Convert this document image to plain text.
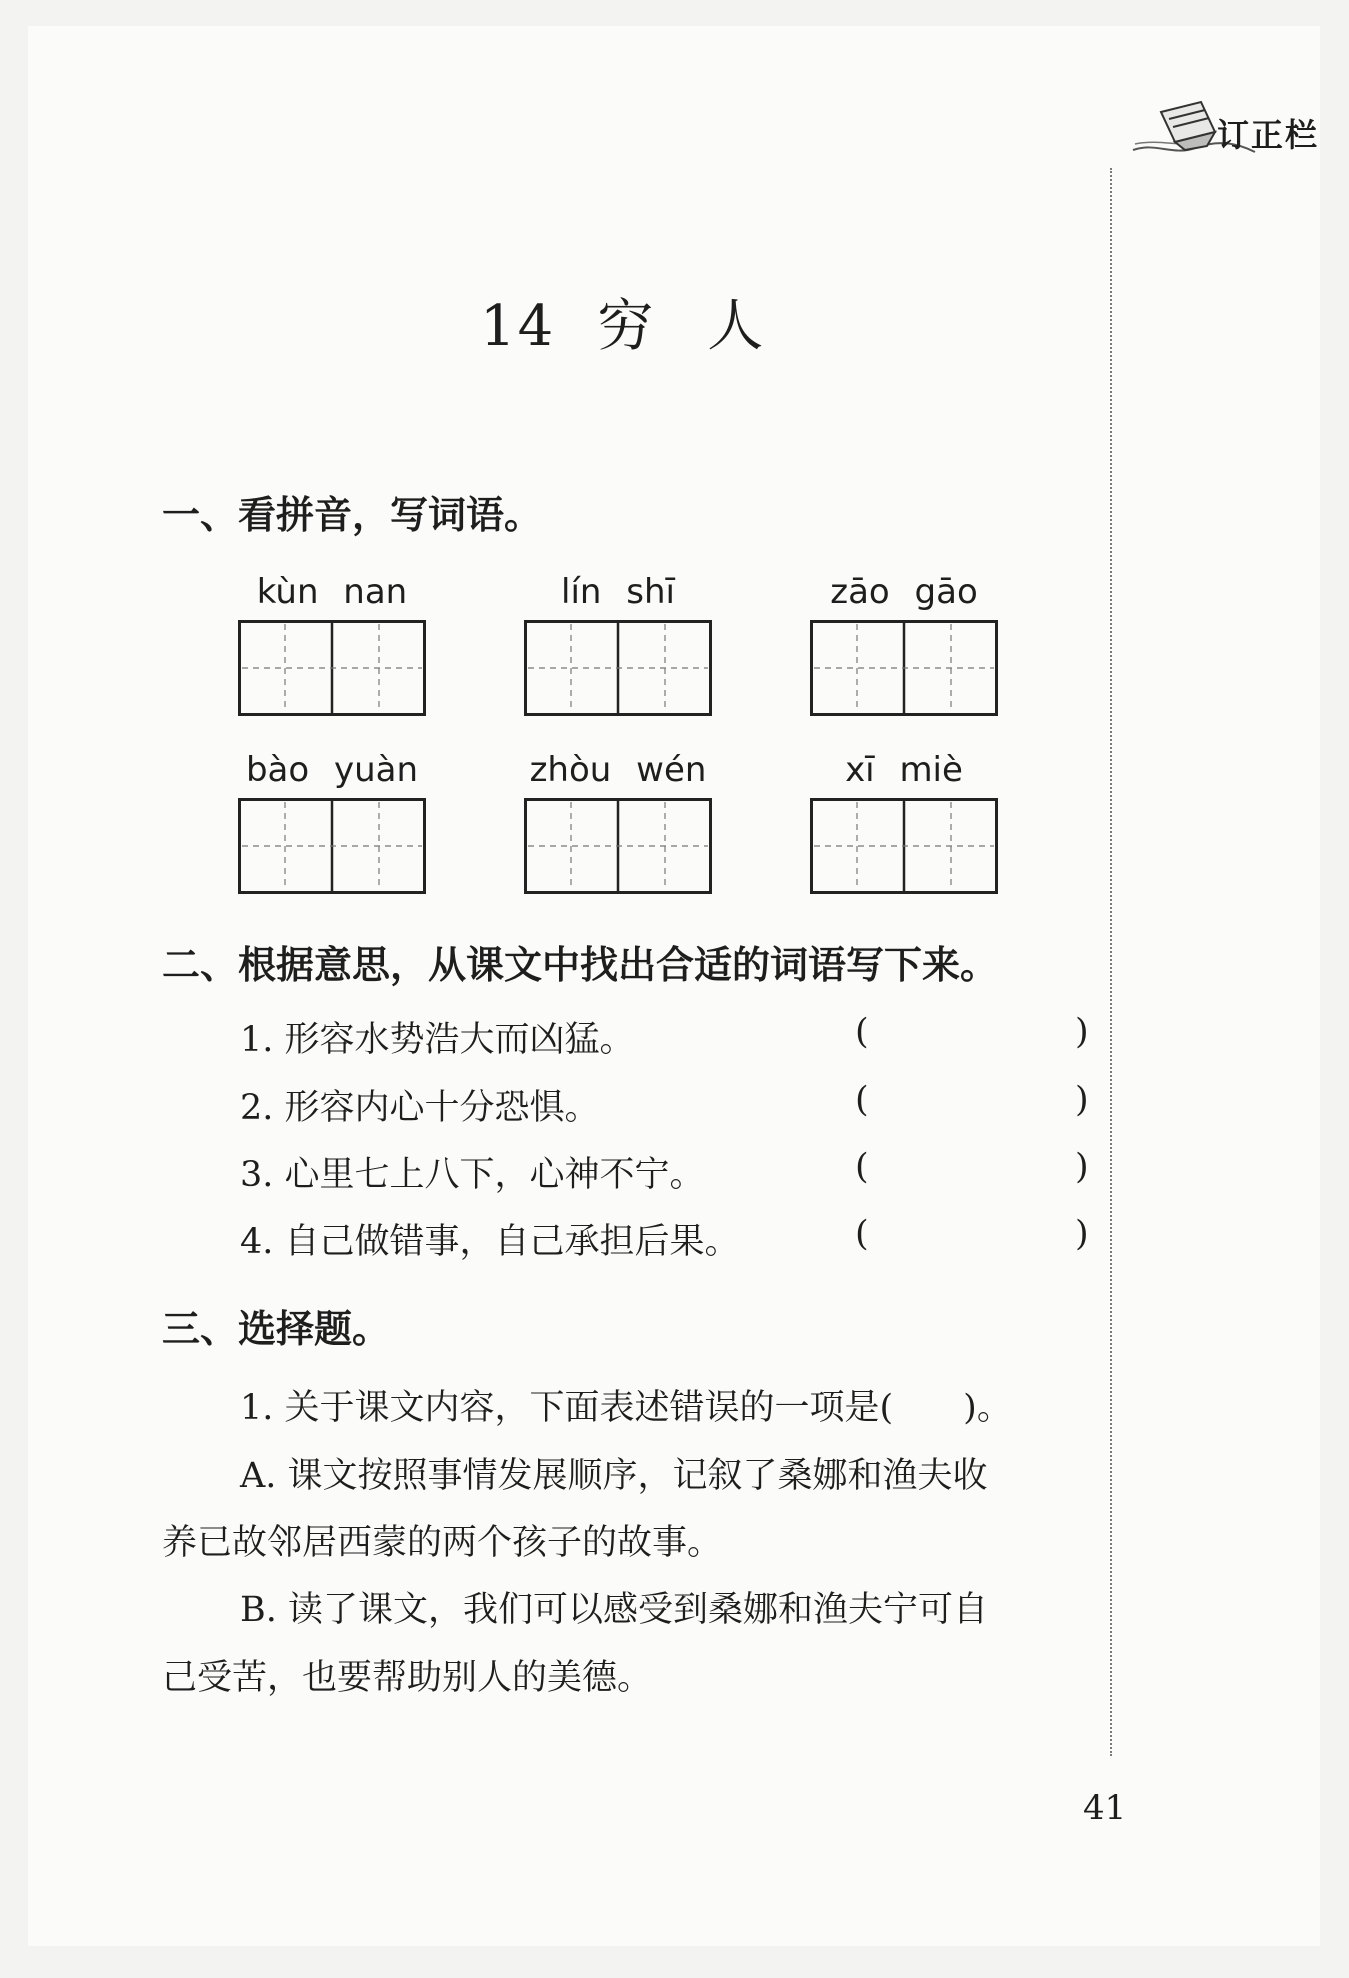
订正栏
14 穷 人
一、看拼音，写词语。
kùn nan	lín shī	zāo gāo
bào yuàn	zhòu wén	xī miè
二、根据意思，从课文中找出合适的词语写下来。
1. 形容水势浩大而凶猛。	(	)
2. 形容内心十分恐惧。	(	)
3. 心里七上八下，心神不宁。	(	)
4. 自己做错事，自己承担后果。	(	)
三、选择题。
1. 关于课文内容，下面表述错误的一项是(　　)。
A. 课文按照事情发展顺序，记叙了桑娜和渔夫收
养已故邻居西蒙的两个孩子的故事。
B. 读了课文，我们可以感受到桑娜和渔夫宁可自
己受苦，也要帮助别人的美德。
41
